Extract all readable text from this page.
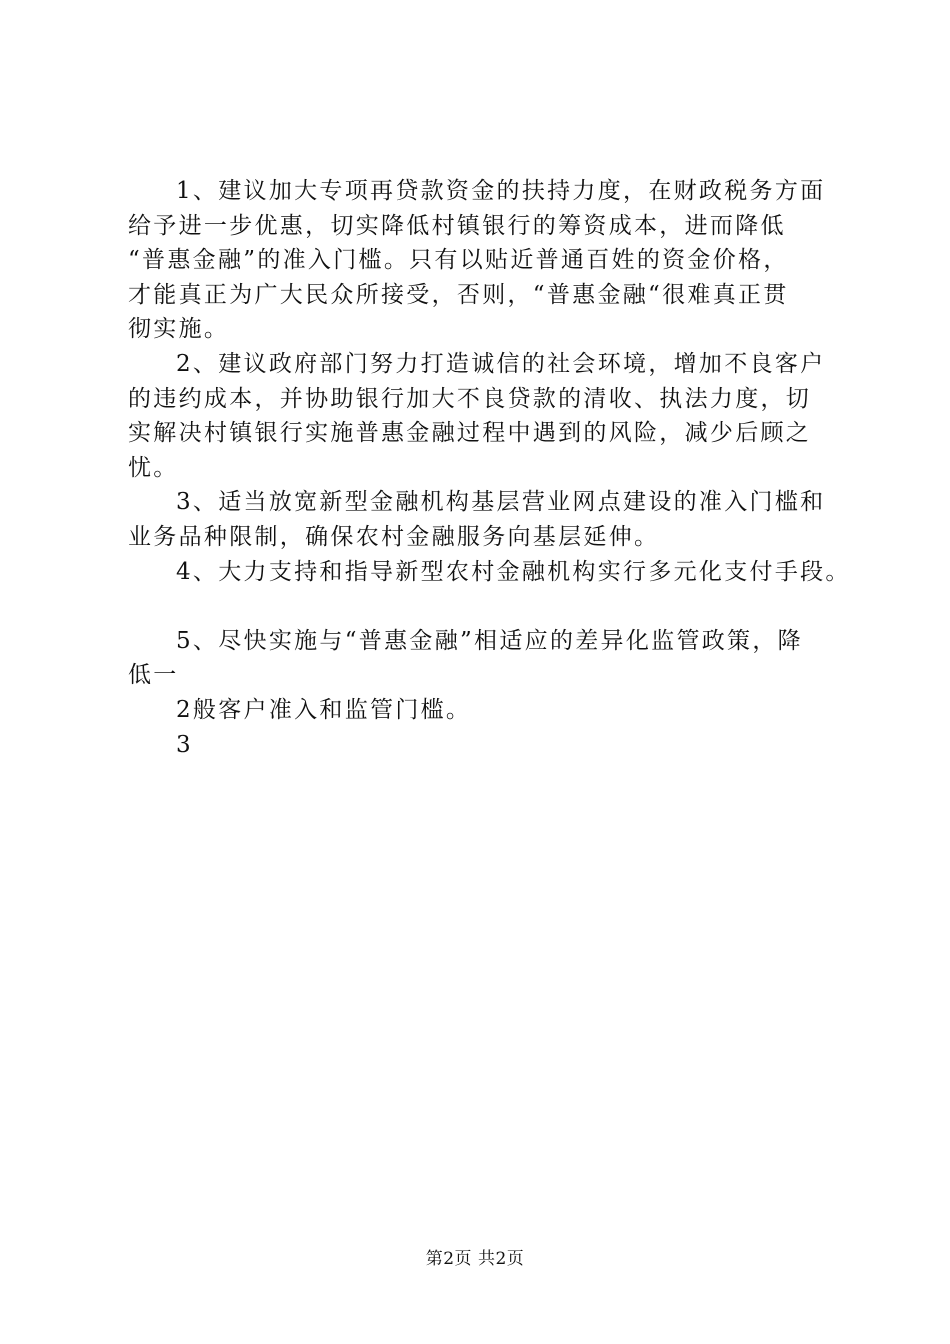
1、建议加大专项再贷款资金的扶持力度，在财政税务方面
给予进一步优惠，切实降低村镇银行的筹资成本，进而降低
“普惠金融”的准入门槛。只有以贴近普通百姓的资金价格，
才能真正为广大民众所接受，否则，“普惠金融“很难真正贯
彻实施。
2、建议政府部门努力打造诚信的社会环境，增加不良客户
的违约成本，并协助银行加大不良贷款的清收、执法力度，切
实解决村镇银行实施普惠金融过程中遇到的风险，减少后顾之
忧。
3、适当放宽新型金融机构基层营业网点建设的准入门槛和
业务品种限制，确保农村金融服务向基层延伸。
4、大力支持和指导新型农村金融机构实行多元化支付手段。
5、尽快实施与“普惠金融”相适应的差异化监管政策，降
低一
2般客户准入和监管门槛。
3
第2页 共2页
